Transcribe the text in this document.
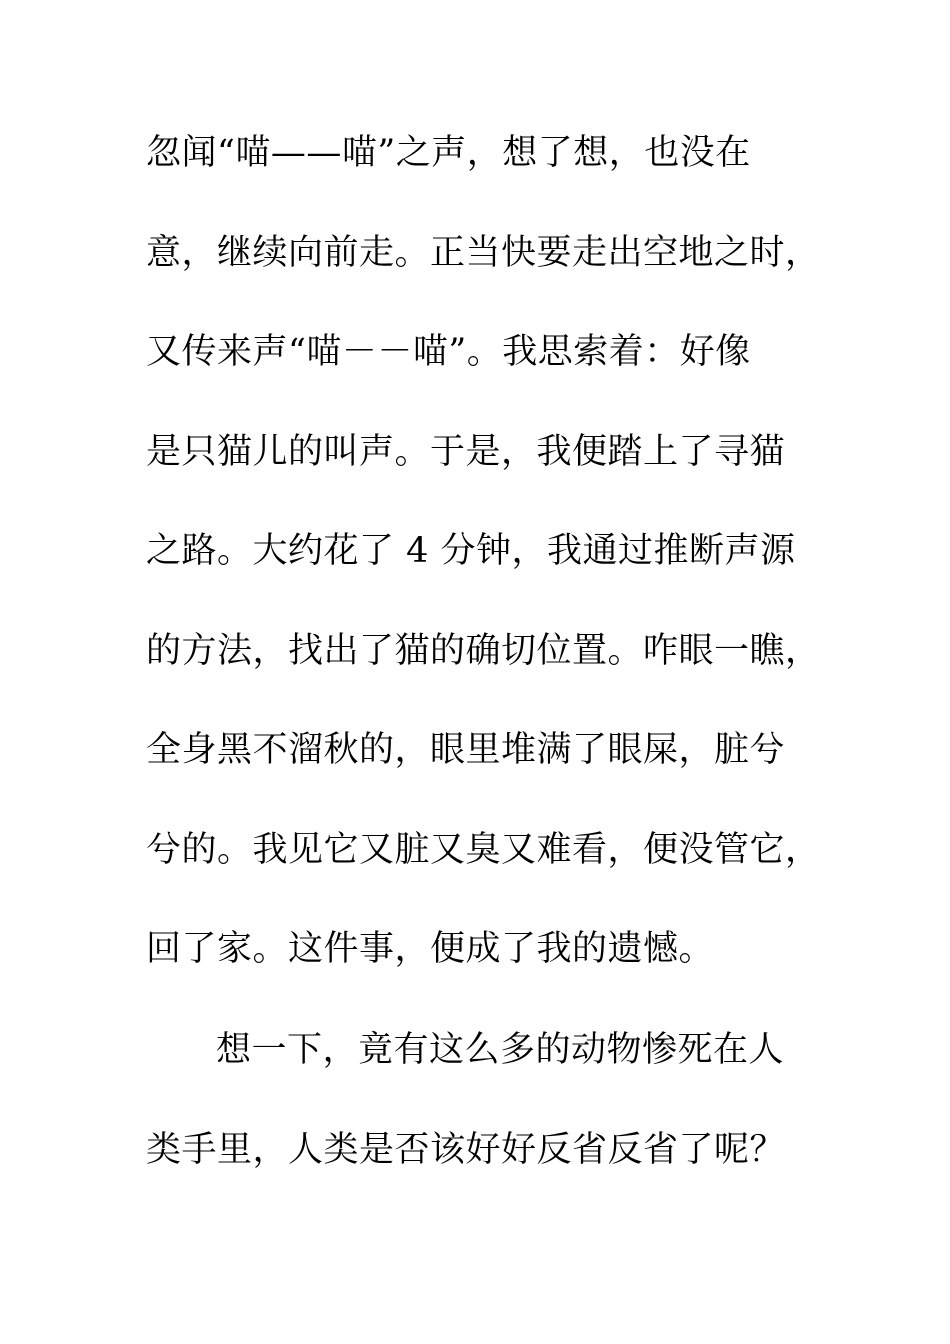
忽闻“喵——喵”之声，想了想，也没在
意，继续向前走。正当快要走出空地之时，
又传来声“喵－－喵”。我思索着：好像
是只猫儿的叫声。于是，我便踏上了寻猫
之路。大约花了 4 分钟，我通过推断声源
的方法，找出了猫的确切位置。咋眼一瞧，
全身黑不溜秋的，眼里堆满了眼屎，脏兮
兮的。我见它又脏又臭又难看，便没管它，
回了家。这件事，便成了我的遗憾。
想一下，竟有这么多的动物惨死在人
类手里，人类是否该好好反省反省了呢？
